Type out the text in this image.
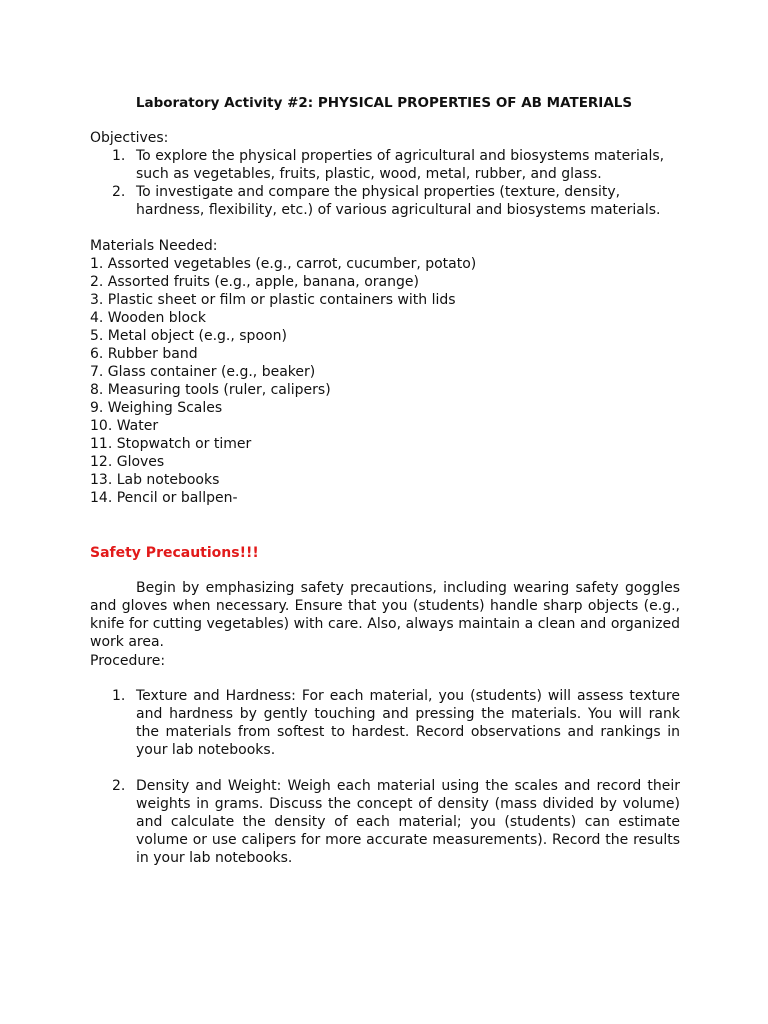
Laboratory Activity #2: PHYSICAL PROPERTIES OF AB MATERIALS
Objectives:
1. To explore the physical properties of agricultural and biosystems materials, such as vegetables, fruits, plastic, wood, metal, rubber, and glass.
2. To investigate and compare the physical properties (texture, density, hardness, flexibility, etc.) of various agricultural and biosystems materials.
Materials Needed:
1. Assorted vegetables (e.g., carrot, cucumber, potato)
2. Assorted fruits (e.g., apple, banana, orange)
3. Plastic sheet or film or plastic containers with lids
4. Wooden block
5. Metal object (e.g., spoon)
6. Rubber band
7. Glass container (e.g., beaker)
8. Measuring tools (ruler, calipers)
9. Weighing Scales
10. Water
11. Stopwatch or timer
12. Gloves
13. Lab notebooks
14. Pencil or ballpen-
Safety Precautions!!!
Begin by emphasizing safety precautions, including wearing safety goggles and gloves when necessary. Ensure that you (students) handle sharp objects (e.g., knife for cutting vegetables) with care. Also, always maintain a clean and organized work area.
Procedure:
1. Texture and Hardness: For each material, you (students) will assess texture and hardness by gently touching and pressing the materials. You will rank the materials from softest to hardest. Record observations and rankings in your lab notebooks.
2. Density and Weight: Weigh each material using the scales and record their weights in grams. Discuss the concept of density (mass divided by volume) and calculate the density of each material; you (students) can estimate volume or use calipers for more accurate measurements). Record the results in your lab notebooks.
